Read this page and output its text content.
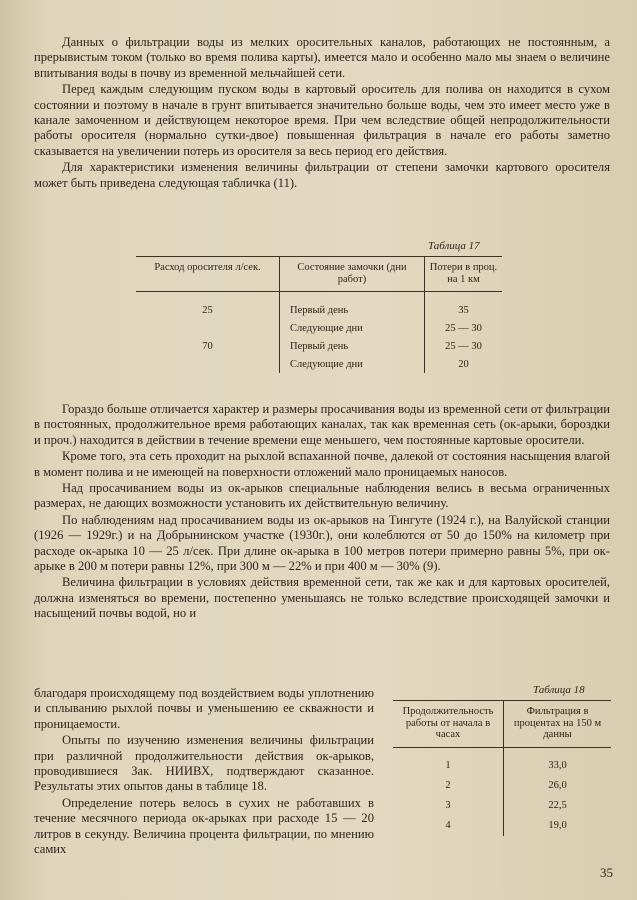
Данных о фильтрации воды из мелких оросительных каналов, работающих не постоянным, а прерывистым током (только во время полива карты), имеется мало и особенно мало мы знаем о величине впитывания воды в почву из временной мельчайшей сети.

Перед каждым следующим пуском воды в картовый ороситель для полива он находится в сухом состоянии и поэтому в начале в грунт впитывается значительно больше воды, чем это имеет место уже в канале замоченном и действующем некоторое время. При чем вследствие общей непродолжительности работы оросителя (нормально сутки-двое) повышенная фильтрация в начале его работы заметно сказывается на увеличении потерь из оросителя за весь период его действия.

Для характеристики изменения величины фильтрации от степени замочки картового оросителя может быть приведена следующая табличка (11).

Таблица 17
Расход оросителя л/сек.	Состояние замочки (дни работ)	Потери в проц. на 1 км
25	Первый день	35
	Следующие дни	25 — 30
70	Первый день	25 — 30
	Следующие дни	20

Гораздо больше отличается характер и размеры просачивания воды из временной сети от фильтрации в постоянных, продолжительное время работающих каналах, так как временная сеть (ок-арыки, бороздки и проч.) находится в действии в течение времени еще меньшего, чем постоянные картовые оросители.

Кроме того, эта сеть проходит на рыхлой вспаханной почве, далекой от состояния насыщения влагой в момент полива и не имеющей на поверхности отложений мало проницаемых наносов.

Над просачиванием воды из ок-арыков специальные наблюдения велись в весьма ограниченных размерах, не дающих возможности установить их действительную величину.

По наблюдениям над просачиванием воды из ок-арыков на Тингуте (1924 г.), на Валуйской станции (1926 — 1929г.) и на Добрынинском участке (1930г.), они колеблются от 50 до 150% на километр при расходе ок-арыка 10 — 25 л/сек. При длине ок-арыка в 100 метров потери примерно равны 5%, при ок-арыке в 200 м потери равны 12%, при 300 м — 22% и при 400 м — 30% (9).

Величина фильтрации в условиях действия временной сети, так же как и для картовых оросителей, должна изменяться во времени, постепенно уменьшаясь не только вследствие происходящей замочки и насыщений почвы водой, но и

благодаря происходящему под воздействием воды уплотнению и сплыванию рыхлой почвы и уменьшению ее скважности и проницаемости.

Опыты по изучению изменения величины фильтрации при различной продолжительности действия ок-арыков, проводившиеся Зак. НИИВХ, подтверждают сказанное. Результаты этих опытов даны в таблице 18.

Определение потерь велось в сухих не работавших в течение месячного периода ок-арыках при расходе 15 — 20 литров в секунду. Величина процента фильтрации, по мнению самих

Таблица 18
Продолжительность работы от начала в часах	Фильтрация в процентах на 150 м данны
1	33,0
2	26,0
3	22,5
4	19,0
35
